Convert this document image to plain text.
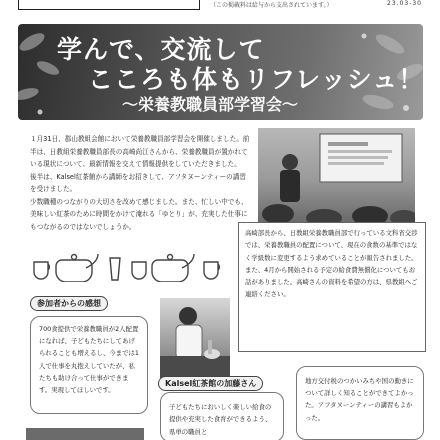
（この掲載料は給与から支出されています。）	23.03-30
学んで、交流して
こころも体もリフレッシュ！
～栄養教職員部学習会～

１月31日、郡山教組会館において栄養教職員部学習会を開催しました。前半は、日教組栄養教職員部長の高崎尚江さんから、栄養教職員が置かれている現状について、最新情報を交えて情報提供をしていただきました。

後半は、Kalsel紅茶館から講師をお招きして、アフタヌーンティーの講習を受けました。

少数職種のつながりの大切さを改めて感じました。また、忙しい中でも、美味しい紅茶のために時間をかけて淹れる「ゆとり」が、充実した仕事にもつながるのではないでしょうか。

高崎部長から、日教組栄養教職員部で行っている文科省交渉では、栄養教職員の配置について、現在の食数の基準ではなく学級数に変更するよう求めていることが報告されました。また、4月から開始される予定の給食費無償化についてもお話がありました。高崎さんの資料を希望の方は、県教組へご連絡ください。
参加者からの感想
700食提供で栄養教職員が2人配置になれば、子どもたちにしてあげられることも増えるし、今までは1人で仕事を丸抱えしていたが、私たちも助け合って仕事ができます。実現してほしいです。
Kalsel紅茶館の加藤さん
子どもたちにおいしく楽しい給食の提供や充実した食育ができるよう、県単の職員と
地方交付税のつかいみちや国の動きについて詳しく知ることができてよかった。アフタヌーンティーの講習もよかった。
